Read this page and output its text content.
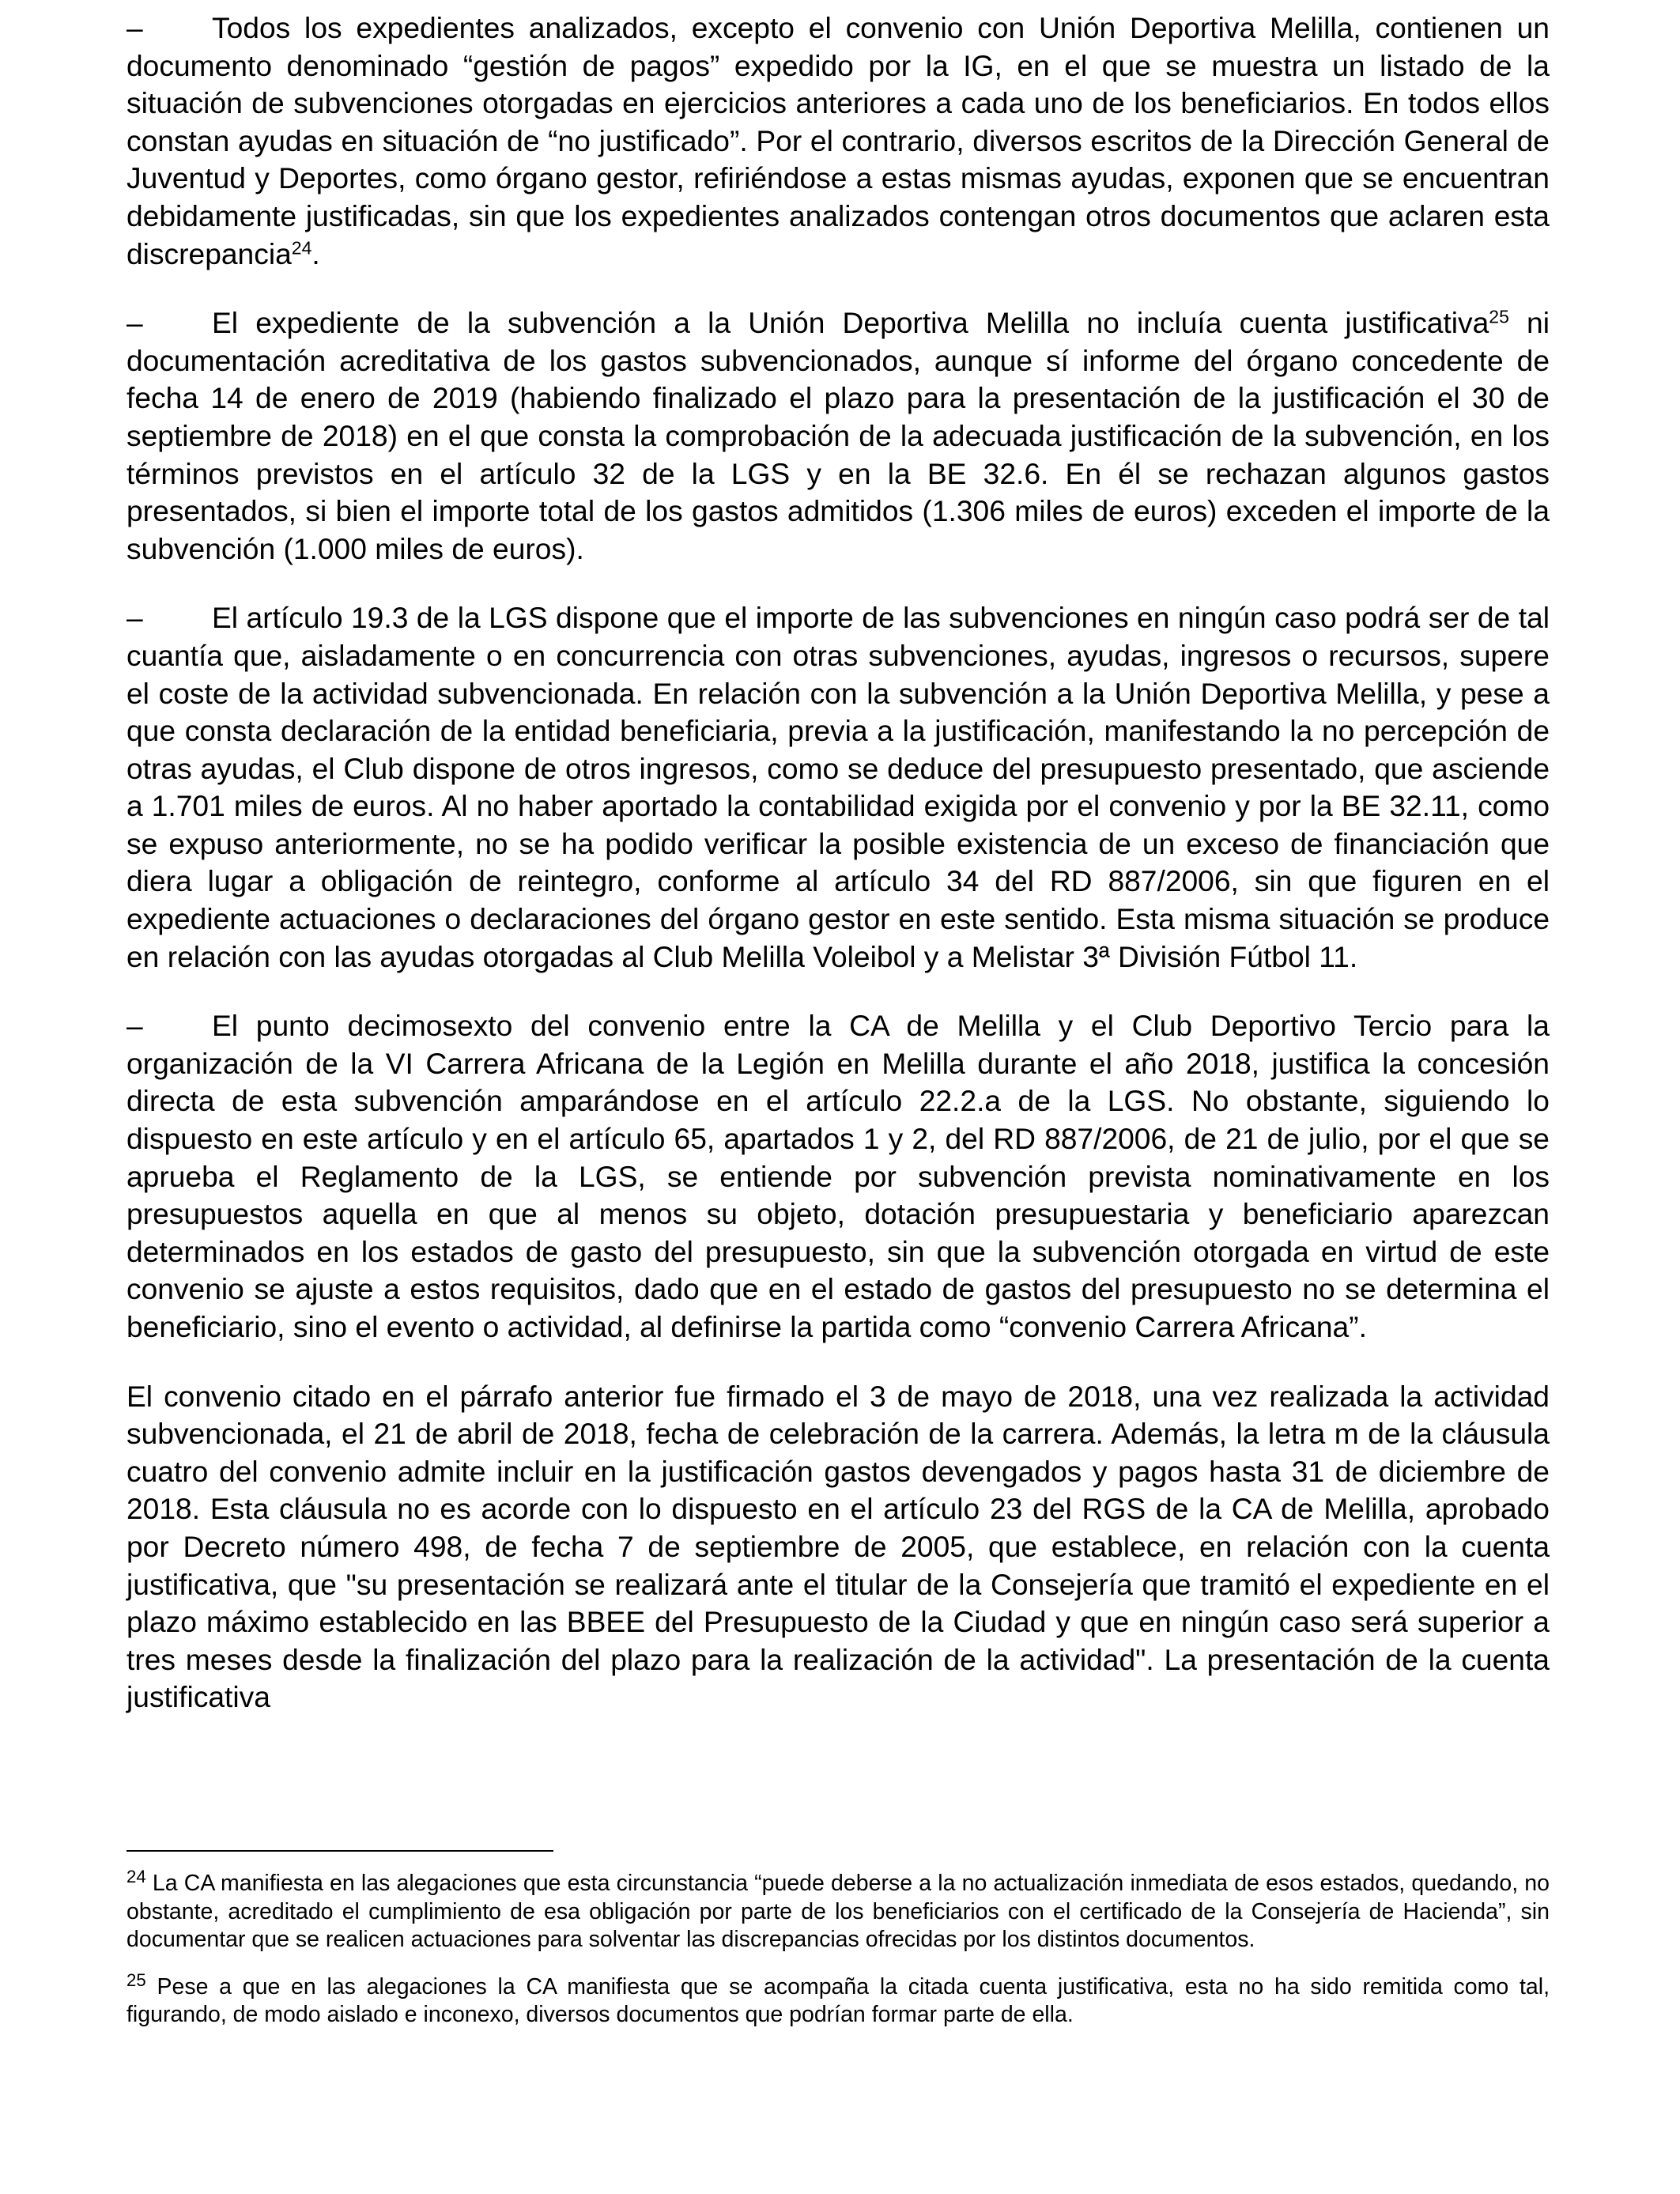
– Todos los expedientes analizados, excepto el convenio con Unión Deportiva Melilla, contienen un documento denominado “gestión de pagos” expedido por la IG, en el que se muestra un listado de la situación de subvenciones otorgadas en ejercicios anteriores a cada uno de los beneficiarios. En todos ellos constan ayudas en situación de “no justificado”. Por el contrario, diversos escritos de la Dirección General de Juventud y Deportes, como órgano gestor, refiriéndose a estas mismas ayudas, exponen que se encuentran debidamente justificadas, sin que los expedientes analizados contengan otros documentos que aclaren esta discrepancia$^{24}$.

– El expediente de la subvención a la Unión Deportiva Melilla no incluía cuenta justificativa$^{25}$ ni documentación acreditativa de los gastos subvencionados, aunque sí informe del órgano concedente de fecha 14 de enero de 2019 (habiendo finalizado el plazo para la presentación de la justificación el 30 de septiembre de 2018) en el que consta la comprobación de la adecuada justificación de la subvención, en los términos previstos en el artículo 32 de la LGS y en la BE 32.6. En él se rechazan algunos gastos presentados, si bien el importe total de los gastos admitidos (1.306 miles de euros) exceden el importe de la subvención (1.000 miles de euros).

– El artículo 19.3 de la LGS dispone que el importe de las subvenciones en ningún caso podrá ser de tal cuantía que, aisladamente o en concurrencia con otras subvenciones, ayudas, ingresos o recursos, supere el coste de la actividad subvencionada. En relación con la subvención a la Unión Deportiva Melilla, y pese a que consta declaración de la entidad beneficiaria, previa a la justificación, manifestando la no percepción de otras ayudas, el Club dispone de otros ingresos, como se deduce del presupuesto presentado, que asciende a 1.701 miles de euros. Al no haber aportado la contabilidad exigida por el convenio y por la BE 32.11, como se expuso anteriormente, no se ha podido verificar la posible existencia de un exceso de financiación que diera lugar a obligación de reintegro, conforme al artículo 34 del RD 887/2006, sin que figuren en el expediente actuaciones o declaraciones del órgano gestor en este sentido. Esta misma situación se produce en relación con las ayudas otorgadas al Club Melilla Voleibol y a Melistar 3ª División Fútbol 11.

– El punto decimosexto del convenio entre la CA de Melilla y el Club Deportivo Tercio para la organización de la VI Carrera Africana de la Legión en Melilla durante el año 2018, justifica la concesión directa de esta subvención amparándose en el artículo 22.2.a de la LGS. No obstante, siguiendo lo dispuesto en este artículo y en el artículo 65, apartados 1 y 2, del RD 887/2006, de 21 de julio, por el que se aprueba el Reglamento de la LGS, se entiende por subvención prevista nominativamente en los presupuestos aquella en que al menos su objeto, dotación presupuestaria y beneficiario aparezcan determinados en los estados de gasto del presupuesto, sin que la subvención otorgada en virtud de este convenio se ajuste a estos requisitos, dado que en el estado de gastos del presupuesto no se determina el beneficiario, sino el evento o actividad, al definirse la partida como “convenio Carrera Africana”.

El convenio citado en el párrafo anterior fue firmado el 3 de mayo de 2018, una vez realizada la actividad subvencionada, el 21 de abril de 2018, fecha de celebración de la carrera. Además, la letra m de la cláusula cuatro del convenio admite incluir en la justificación gastos devengados y pagos hasta 31 de diciembre de 2018. Esta cláusula no es acorde con lo dispuesto en el artículo 23 del RGS de la CA de Melilla, aprobado por Decreto número 498, de fecha 7 de septiembre de 2005, que establece, en relación con la cuenta justificativa, que "su presentación se realizará ante el titular de la Consejería que tramitó el expediente en el plazo máximo establecido en las BBEE del Presupuesto de la Ciudad y que en ningún caso será superior a tres meses desde la finalización del plazo para la realización de la actividad". La presentación de la cuenta justificativa

$^{24}$ La CA manifiesta en las alegaciones que esta circunstancia “puede deberse a la no actualización inmediata de esos estados, quedando, no obstante, acreditado el cumplimiento de esa obligación por parte de los beneficiarios con el certificado de la Consejería de Hacienda”, sin documentar que se realicen actuaciones para solventar las discrepancias ofrecidas por los distintos documentos.

$^{25}$ Pese a que en las alegaciones la CA manifiesta que se acompaña la citada cuenta justificativa, esta no ha sido remitida como tal, figurando, de modo aislado e inconexo, diversos documentos que podrían formar parte de ella.
